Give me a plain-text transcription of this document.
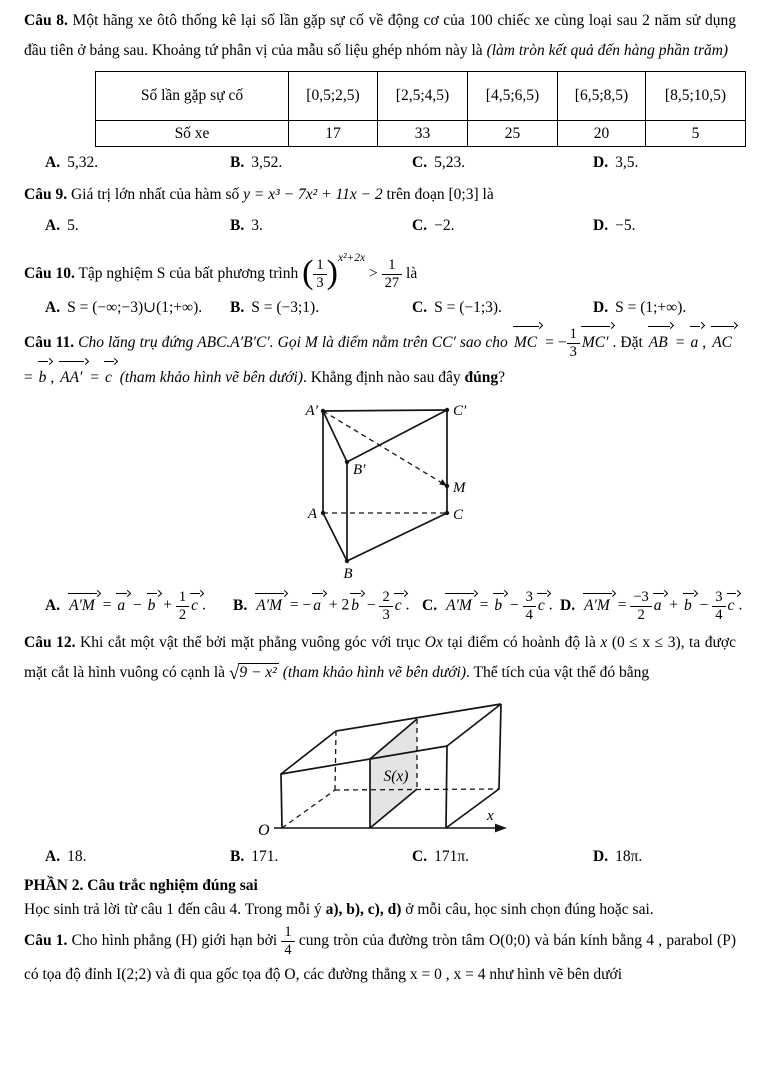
Câu 8. Một hãng xe ôtô thống kê lại số lần gặp sự cố về động cơ của 100 chiếc xe cùng loại sau 2 năm sử dụng đầu tiên ở bảng sau. Khoảng tứ phân vị của mẫu số liệu ghép nhóm này là (làm tròn kết quả đến hàng phần trăm)

Số lần gặp sự cố	[0,5;2,5)	[2,5;4,5)	[4,5;6,5)	[6,5;8,5)	[8,5;10,5)
Số xe	17	33	25	20	5
A. 5,32.	B. 3,52.	C. 5,23.	D. 3,5.

Câu 9. Giá trị lớn nhất của hàm số y = x³ − 7x² + 11x − 2 trên đoạn [0;3] là

A. 5.	B. 3.	C. −2.	D. −5.

Câu 10. Tập nghiệm S của bất phương trình ( $\frac{1}{3} )^{x^2+2x} > \frac{1}{27}$ là

A. S = (−∞;−3)∪(1;+∞).	B. S = (−3;1).	C. S = (−1;3).	D. S = (1;+∞).

Câu 11. Cho lăng trụ đứng ABC.A′B′C′. Gọi M là điểm nằm trên CC′ sao cho MC = − $\frac{1}{3} MC'$ . Đặt AB = a , AC = b , AA′ = c (tham khảo hình vẽ bên dưới). Khẳng định nào sau đây đúng?

A′	C′
B′
M
A	C
B
A. $A'M = a - b + \frac{1}{2}$ c .	B. A′M = − a + 2 $b - \frac{2}{3}$ c . C. $A'M = b - \frac{3}{4}$ c . D. $A'M = \frac{-3}{2}$ $a + b - \frac{3}{4}$ c .

Câu 12. Khi cắt một vật thể bởi mặt phẳng vuông góc với trục Ox tại điểm có hoành độ là x (0 ≤ x ≤ 3), ta được mặt cắt là hình vuông có cạnh là √9 − x² (tham khảo hình vẽ bên dưới). Thể tích của vật thể đó bằng

O
S(x)
x
A. 18.	B. 171.	C. 171π.	D. 18π.

PHẦN 2. Câu trắc nghiệm đúng sai

Học sinh trả lời từ câu 1 đến câu 4. Trong mỗi ý a), b), c), d) ở mỗi câu, học sinh chọn đúng hoặc sai.

Câu 1. Cho hình phẳng (H) giới hạn bởi $\frac{1}{4}$ cung tròn của đường tròn tâm O(0;0) và bán kính bằng 4 , parabol (P) có tọa độ đỉnh I(2;2) và đi qua gốc tọa độ O, các đường thẳng x = 0 , x = 4 như hình vẽ bên dưới
